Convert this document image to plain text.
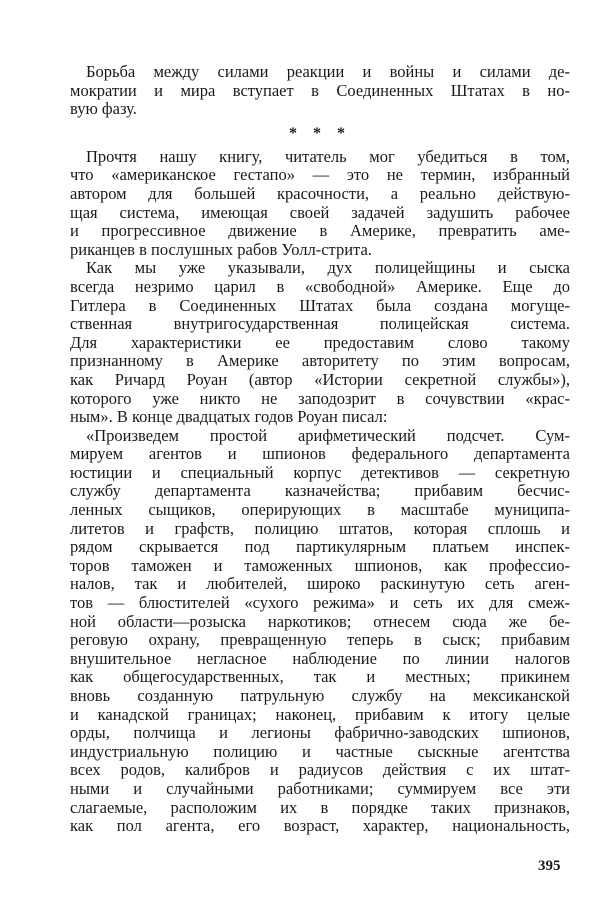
Борьба между силами реакции и войны и силами де-
мократии и мира вступает в Соединенных Штатах в но-
вую фазу.
* * *
Прочтя нашу книгу, читатель мог убедиться в том,
что «американское гестапо» — это не термин, избранный
автором для большей красочности, а реально действую-
щая система, имеющая своей задачей задушить рабочее
и прогрессивное движение в Америке, превратить аме-
риканцев в послушных рабов Уолл-стрита.
Как мы уже указывали, дух полицейщины и сыска
всегда незримо царил в «свободной» Америке. Еще до
Гитлера в Соединенных Штатах была создана могуще-
ственная внутригосударственная полицейская система.
Для характеристики ее предоставим слово такому
признанному в Америке авторитету по этим вопросам,
как Ричард Роуан (автор «Истории секретной службы»),
которого уже никто не заподозрит в сочувствии «крас-
ным». В конце двадцатых годов Роуан писал:
«Произведем простой арифметический подсчет. Сум-
мируем агентов и шпионов федерального департамента
юстиции и специальный корпус детективов — секретную
службу департамента казначейства; прибавим бесчис-
ленных сыщиков, оперирующих в масштабе муниципа-
литетов и графств, полицию штатов, которая сплошь и
рядом скрывается под партикулярным платьем инспек-
торов таможен и таможенных шпионов, как профессио-
налов, так и любителей, широко раскинутую сеть аген-
тов — блюстителей «сухого режима» и сеть их для смеж-
ной области—розыска наркотиков; отнесем сюда же бе-
реговую охрану, превращенную теперь в сыск; прибавим
внушительное негласное наблюдение по линии налогов
как общегосударственных, так и местных; прикинем
вновь созданную патрульную службу на мексиканской
и канадской границах; наконец, прибавим к итогу целые
орды, полчища и легионы фабрично-заводских шпионов,
индустриальную полицию и частные сыскные агентства
всех родов, калибров и радиусов действия с их штат-
ными и случайными работниками; суммируем все эти
слагаемые, расположим их в порядке таких признаков,
как пол агента, его возраст, характер, национальность,
395
